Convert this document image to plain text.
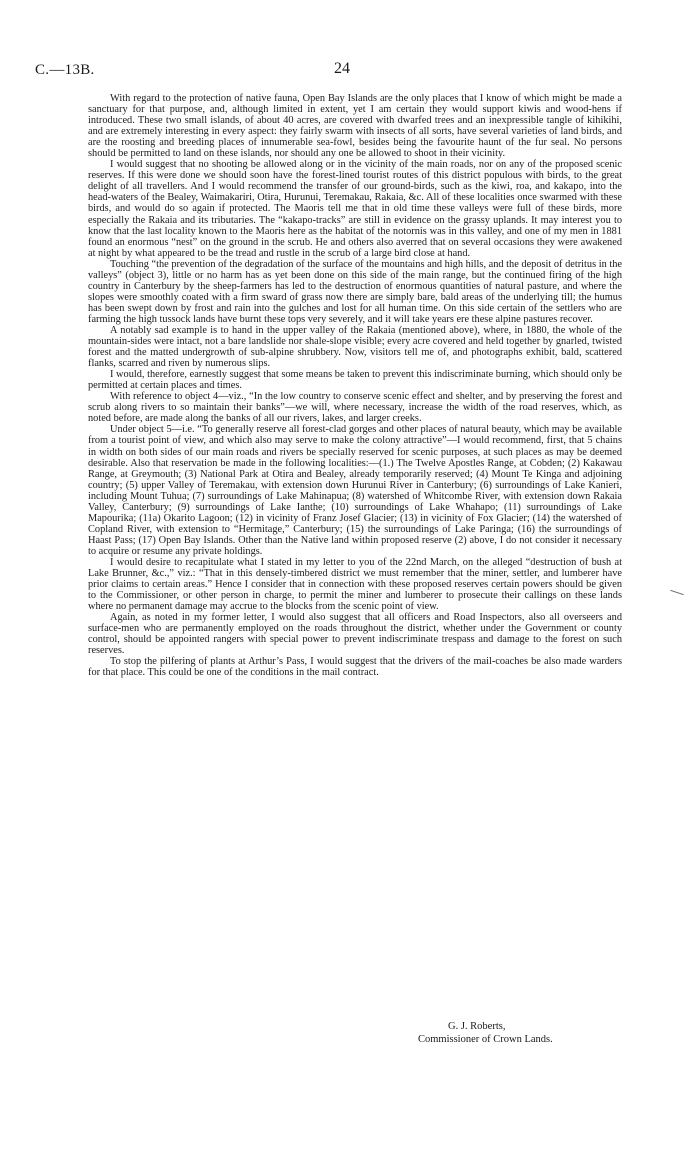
C.—13B.	24

With regard to the protection of native fauna, Open Bay Islands are the only places that I know of which might be made a sanctuary for that purpose, and, although limited in extent, yet I am certain they would support kiwis and wood-hens if introduced. These two small islands, of about 40 acres, are covered with dwarfed trees and an inexpressible tangle of kihikihi, and are extremely interesting in every aspect: they fairly swarm with insects of all sorts, have several varieties of land birds, and are the roosting and breeding places of innumerable sea-fowl, besides being the favourite haunt of the fur seal. No persons should be permitted to land on these islands, nor should any one be allowed to shoot in their vicinity.

I would suggest that no shooting be allowed along or in the vicinity of the main roads, nor on any of the proposed scenic reserves. If this were done we should soon have the forest-lined tourist routes of this district populous with birds, to the great delight of all travellers. And I would recommend the transfer of our ground-birds, such as the kiwi, roa, and kakapo, into the head-waters of the Bealey, Waimakariri, Otira, Hurunui, Teremakau, Rakaia, &c. All of these localities once swarmed with these birds, and would do so again if protected. The Maoris tell me that in old time these valleys were full of these birds, more especially the Rakaia and its tributaries. The “kakapo-tracks” are still in evidence on the grassy uplands. It may interest you to know that the last locality known to the Maoris here as the habitat of the notornis was in this valley, and one of my men in 1881 found an enormous “nest” on the ground in the scrub. He and others also averred that on several occasions they were awakened at night by what appeared to be the tread and rustle in the scrub of a large bird close at hand.

Touching “the prevention of the degradation of the surface of the mountains and high hills, and the deposit of detritus in the valleys” (object 3), little or no harm has as yet been done on this side of the main range, but the continued firing of the high country in Canterbury by the sheep-farmers has led to the destruction of enormous quantities of natural pasture, and where the slopes were smoothly coated with a firm sward of grass now there are simply bare, bald areas of the underlying till; the humus has been swept down by frost and rain into the gulches and lost for all human time. On this side certain of the settlers who are farming the high tussock lands have burnt these tops very severely, and it will take years ere these alpine pastures recover.

A notably sad example is to hand in the upper valley of the Rakaia (mentioned above), where, in 1880, the whole of the mountain-sides were intact, not a bare landslide nor shale-slope visible; every acre covered and held together by gnarled, twisted forest and the matted undergrowth of sub-alpine shrubbery. Now, visitors tell me of, and photographs exhibit, bald, scattered flanks, scarred and riven by numerous slips.

I would, therefore, earnestly suggest that some means be taken to prevent this indiscriminate burning, which should only be permitted at certain places and times.

With reference to object 4—viz., “In the low country to conserve scenic effect and shelter, and by preserving the forest and scrub along rivers to so maintain their banks”—we will, where necessary, increase the width of the road reserves, which, as noted before, are made along the banks of all our rivers, lakes, and larger creeks.

Under object 5—i.e. “To generally reserve all forest-clad gorges and other places of natural beauty, which may be available from a tourist point of view, and which also may serve to make the colony attractive”—I would recommend, first, that 5 chains in width on both sides of our main roads and rivers be specially reserved for scenic purposes, at such places as may be deemed desirable. Also that reservation be made in the following localities:—(1.) The Twelve Apostles Range, at Cobden; (2) Kakawau Range, at Greymouth; (3) National Park at Otira and Bealey, already temporarily reserved; (4) Mount Te Kinga and adjoining country; (5) upper Valley of Teremakau, with extension down Hurunui River in Canterbury; (6) surroundings of Lake Kanieri, including Mount Tuhua; (7) surroundings of Lake Mahinapua; (8) watershed of Whitcombe River, with extension down Rakaia Valley, Canterbury; (9) surroundings of Lake Ianthe; (10) surroundings of Lake Whahapo; (11) surroundings of Lake Mapourika; (11a) Okarito Lagoon; (12) in vicinity of Franz Josef Glacier; (13) in vicinity of Fox Glacier; (14) the watershed of Copland River, with extension to “Hermitage,” Canterbury; (15) the surroundings of Lake Paringa; (16) the surroundings of Haast Pass; (17) Open Bay Islands. Other than the Native land within proposed reserve (2) above, I do not consider it necessary to acquire or resume any private holdings.

I would desire to recapitulate what I stated in my letter to you of the 22nd March, on the alleged “destruction of bush at Lake Brunner, &c.,” viz.: “That in this densely-timbered district we must remember that the miner, settler, and lumberer have prior claims to certain areas.” Hence I consider that in connection with these proposed reserves certain powers should be given to the Commissioner, or other person in charge, to permit the miner and lumberer to prosecute their callings on these lands where no permanent damage may accrue to the blocks from the scenic point of view.

Again, as noted in my former letter, I would also suggest that all officers and Road Inspectors, also all overseers and surface-men who are permanently employed on the roads throughout the district, whether under the Government or county control, should be appointed rangers with special power to prevent indiscriminate trespass and damage to the forest on such reserves.

To stop the pilfering of plants at Arthur’s Pass, I would suggest that the drivers of the mail-coaches be also made warders for that place. This could be one of the conditions in the mail contract.

G. J. Roberts,
Commissioner of Crown Lands.
